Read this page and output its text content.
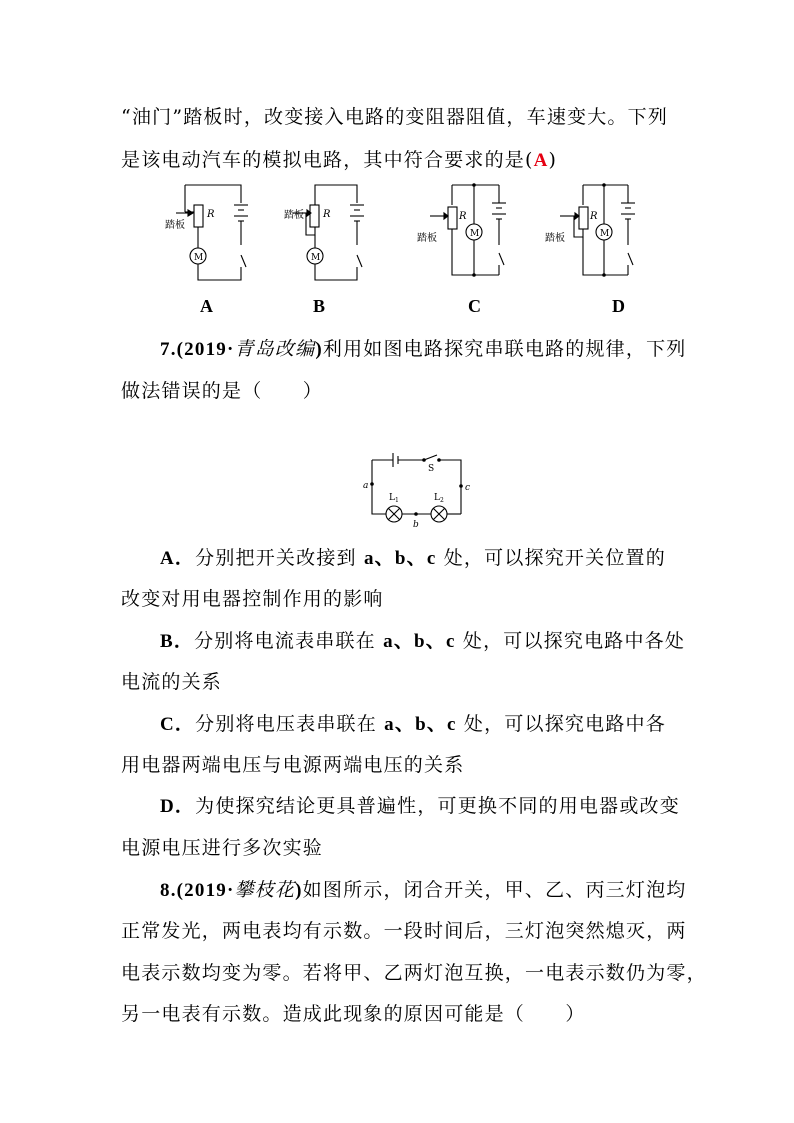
“油门”踏板时，改变接入电路的变阻器阻值，车速变大。下列
是该电动汽车的模拟电路，其中符合要求的是(A)
踏板
R
M
踏板 R
M
踏板
R
M	踏板
R
M
A	B	C	D
7.(2019·青岛改编)利用如图电路探究串联电路的规律，下列
做法错误的是（　　）
S
a	c
b
$L_1$	$L_2$
A．分别把开关改接到 a、b、c 处，可以探究开关位置的
改变对用电器控制作用的影响
B．分别将电流表串联在 a、b、c 处，可以探究电路中各处
电流的关系
C．分别将电压表串联在 a、b、c 处，可以探究电路中各
用电器两端电压与电源两端电压的关系
D．为使探究结论更具普遍性，可更换不同的用电器或改变
电源电压进行多次实验
8.(2019·攀枝花)如图所示，闭合开关，甲、乙、丙三灯泡均
正常发光，两电表均有示数。一段时间后，三灯泡突然熄灭，两
电表示数均变为零。若将甲、乙两灯泡互换，一电表示数仍为零，
另一电表有示数。造成此现象的原因可能是（　　）
